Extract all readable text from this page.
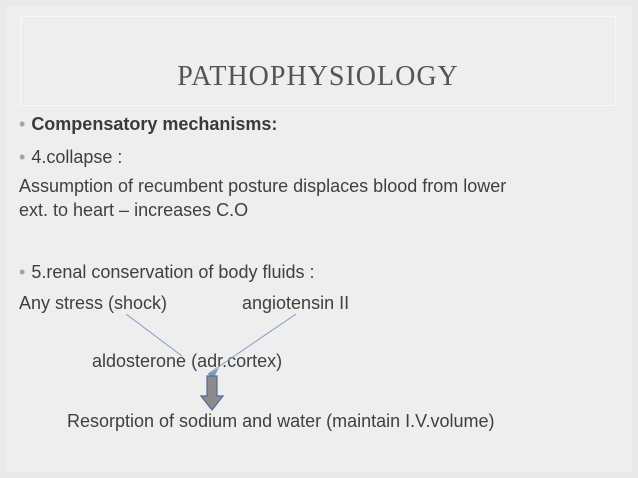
PATHOPHYSIOLOGY

• Compensatory mechanisms:

• 4.collapse :

Assumption of recumbent posture displaces blood from lower

ext. to heart – increases C.O

• 5.renal conservation of body fluids :

Any stress (shock)	angiotensin II

aldosterone (adr.cortex)

Resorption of sodium and water (maintain I.V.volume)
